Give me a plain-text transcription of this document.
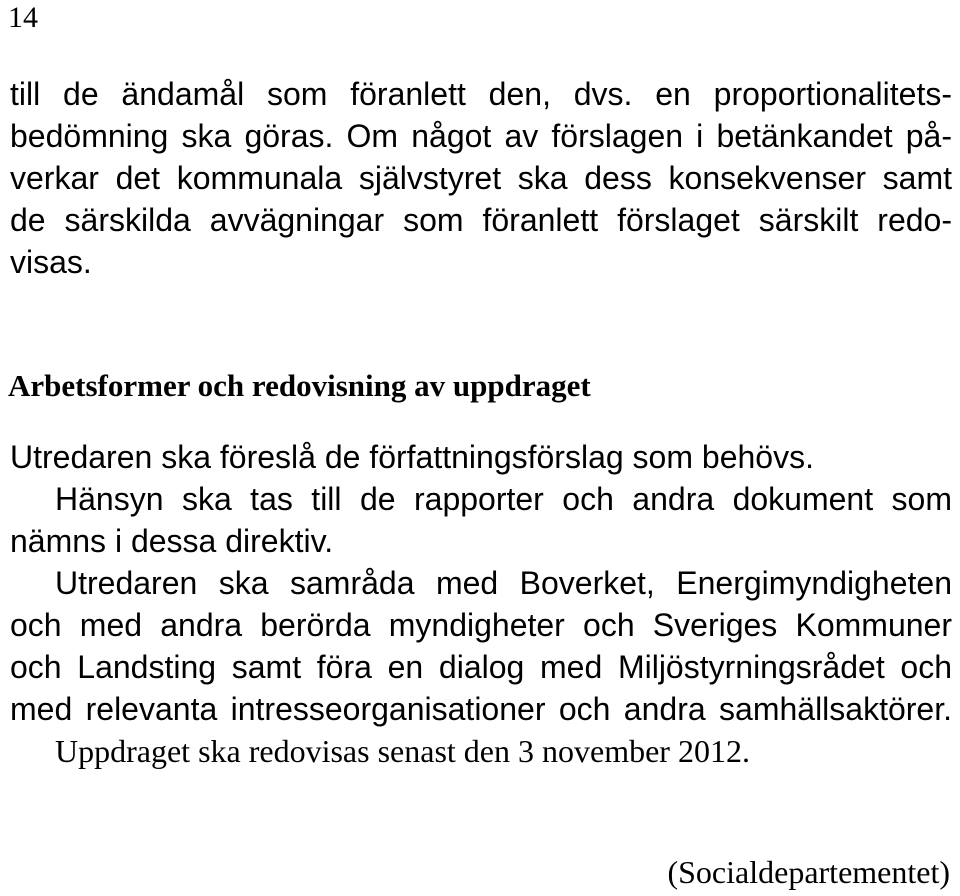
14
till de ändamål som föranlett den, dvs. en proportionalitets-
bedömning ska göras. Om något av förslagen i betänkandet på-
verkar det kommunala självstyret ska dess konsekvenser samt
de särskilda avvägningar som föranlett förslaget särskilt redo-
visas.
Arbetsformer och redovisning av uppdraget
Utredaren ska föreslå de författningsförslag som behövs.
Hänsyn ska tas till de rapporter och andra dokument som
nämns i dessa direktiv.
Utredaren ska samråda med Boverket, Energimyndigheten
och med andra berörda myndigheter och Sveriges Kommuner
och Landsting samt föra en dialog med Miljöstyrningsrådet och
med relevanta intresseorganisationer och andra samhällsaktörer.
Uppdraget ska redovisas senast den 3 november 2012.
(Socialdepartementet)
